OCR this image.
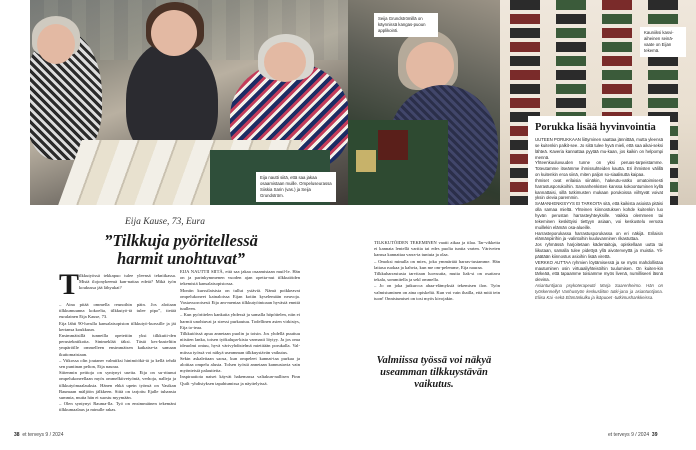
Seija Grundströmillä on käynnissä kangas-puoun applikointi.
Eija nautti siitä, että saa jakaa osaamistaan muille. Ompeluseurassa Siiskia Sarin (vas.) ja Seija Grundström.
Kauniiksi kasvi-aiheinen seinä-vaate on Eijan tekemä.
Eija Kause, 73, Eura
”Tilkkuja pyöritellessä harmit unohtuvat”
T ilkkutyössä tekkapuo tulee yleensä tekniikassa. Mistä ilojonykeemä kan-nattaa edetä? Mikä työn koukussa jää lähyukai?

– Aina pitää ommella reunoihin päin. Jos aloitaan tilkkumuunna kokoelta, tilkkutyö-tä tulee pipo”, tietää euralainen Eija Kause, 73.

Eija lähti 90-luvulla kansalaisopiston tilkkutyö-kurssille ja jäi kertansa koukkuun.

Ensimmäisillä tunneilla opetettiin yksi tilkkutii-den perustekniikoita. Sinimeklää täksi. Tästä kes-kusteltiin ympäröille ommelleen ensimmäisen katkaise-ta samaan ikuttomaistaan.

– Viikossa olin joutaner valmiiksi hinimöökä-tä ja kellä tehdä sen puntinan pelton, Eija nauraa.

Siitenmin peittoja on syntynyt useita. Eija on su-ritunut ompelukoneellaan myös ommelkiivetyöntä, verhoja, nalleja ja tilkkutyömaalauksia. Hänen ehkä upein työnsä on Vastkan Baumaan mäljöön jälkkeen. Siitä on tarjottu Ejalle tuhansia summia, mutta hän ei suostu myymään.

– Olen syntynyt Rauma-lla. Työ on ensimmäinen tekemäni tilkkumaalaus ja minulle rakas.

EIJA NAUTTII SIITÄ, että saa jakaa osaamistaan muil-le. Hän on ja parinkymmenen vuoden ajan opetta-nut tilkkutöiden tekemistä kansalaisopistossa.

Moniin kurssilaisista on tullut ystäviä. Nämä poikkeavat ompelukoneet kainaloissa Eijan kotiin kyselemään neuvoja. Vastavuoroisesti Eija am-mentaa tilkkutyöintoaan hyvästä ennttä tuulleen.

– Kun pyörittelen kankaita yhdessä ja samalla höpöttelen, niin ei harmit unohtuvat ja stressi purkautuu. Todellinen asien virkistys, Eija to-teaa.

Tilkkutöissä apua annetaan puolin ja toisin. Jos yhdellä puuttuu niistien lanka, toisen työkalupa-kista varmasti löytyy. Ja jos oma ideuolmi ontuu, hyvä värivyhdistelmä mietitään porukalla. Val-miissa työssä voi näkyä useamman tilkkuystävän vaikutus.

Sekin askaleitaan saosa, kun ompeleet kannat-taa purkaa ja aloittaa ompelu alusta. Tolsen työstä annetaan kannustavia vain myönteisiä palautteita.

Inspiraatiota naiset käyvät hakemassa valtakun-nallisen Finn Quilt -yhdistyksen tapahtumissa ja näyttelyissä.

TILKKUTÖIDEN TEKEMINEN vaatii aikaa ja tilaa. Tar-vikkeita ei kannata lentellä varttia tai edes puolta tuntia varten. Väriveien kanssa kannattaa varra-ta tuntuia ja olaa.

– Omoksi minulla on miex, joka ymmärtää harras-tustamme. Hän lattasa ruokaa ja kahvia, kun me om-pelemme, Eija nauraa.

Tilkkuharrastusta tarvitaan luovuutta, mutta liak-si on osattava tekala, sommitella ja sekl ommella.

– Jo on joka jutkurcca ahaa-elämyksiä tekemisen ilon. Työn valmistuminen on aina opiskeltä. Kun voi vain ihailla, että mitä tein tuon! Onnistumiset on tosi myös kivojakin.

Valmiissa työssä voi näkyä useamman tilkkuystävän vaikutus.
Porukka lisää hyvinvointia

UUTEEN PORUKKAAN liittyminen saattaa jännittää, mutta yleensä se kuitenkin palkit-see. Jo siitä tulee hyvä mieli, että saa aikai-seksi lähteä. Kaveria kannattaa pyytää mu-kaan, jos kaikin on helpompi mennä.

Yhteenkuuluvuuden tunne on yksi peruas-tarpeistamme. Toteutamme itseämme ihmissuhteiden kautta. Eri ihmisten välillä on kuitenkin eroa siinä, miten paljon so-siaalisutta kaipaa.

Ihmiset ovat erilaisia siinäkin, hakeutu-vatko omatoimisesti harrastusporukoihin. Samanhenkisten kanssa kokoontuminen kyllä kannattaisi, sillä tutkimusten mukaan porukoissa viihtyvät voivat yksin olevia paremmin.

SAMANHENKISYYS EI TARKOITA sitä, että kaikista asioista pitäisi olla samaa mieltä. Yhteinen kiinnostuksen kohde kuitenkin luo hyvän perustan harrasteyhteyksille. Vaikka olemmeen tai tekeminen keskittyisi tiettyyn asiaan, voi keskustelu versota muillekin elämän osa-alueille.

Harrasteporukassa harrastusporukassa on eri näkijä. Erilaisin elämänpiirihin ja -valintoihin kuuluvanninen rikastuttaa.

Jos ryhmässä harjoitetaan kädentaitoja, opiskellaan uutta tai liikutaan, samalla tulee pidettyä yllä aivoterveyttä ja muistia. Yli-päätään kiinnostus asioihin lisää virettä.

VERKKO AUTTAA ryhmien löytämisessä ja se myös mahdollistaa mautuminen osin virtuaaliyhteisöihin tuulumisen. On kuiten-kin tärkeää, että tapaamme toisiamme myös livenä, numilliseeri läsnä olevina.

Asiantuntijana psykoterapeutti Marja Saarenheimo. Hän on työskennellyt Vanhustyön keskusliiton tutki-jana ja asiantuntijana. Eliisa Kai -sekä Elämänkulku ja ikäpuoet -tutkimushankkeissa.

38 et terveys 9 / 2024	et terveys 9 / 2024 39
